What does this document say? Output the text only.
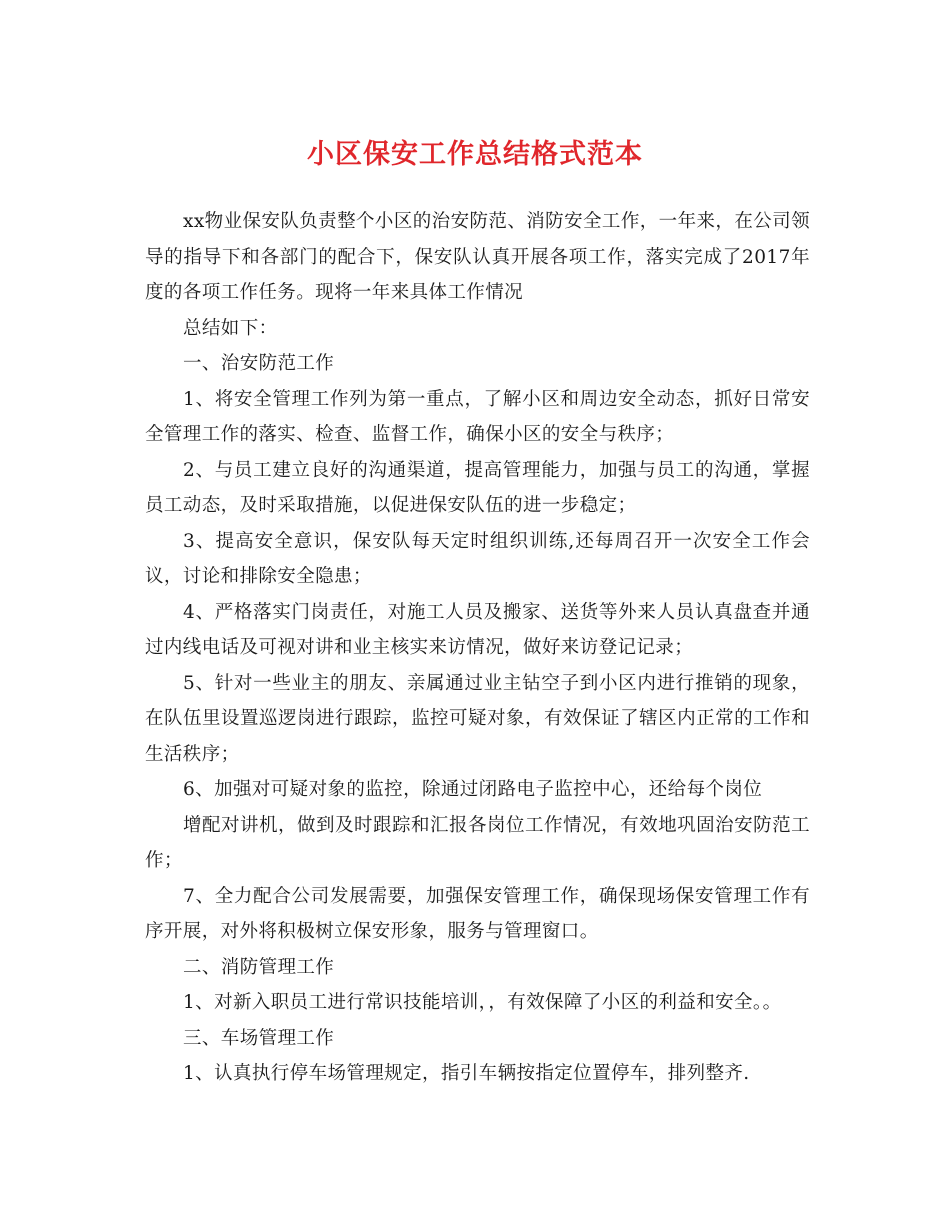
小区保安工作总结格式范本

xx物业保安队负责整个小区的治安防范、消防安全工作，一年来，在公司领导的指导下和各部门的配合下，保安队认真开展各项工作，落实完成了2017年度的各项工作任务。现将一年来具体工作情况

总结如下：

一、治安防范工作

1、将安全管理工作列为第一重点，了解小区和周边安全动态，抓好日常安全管理工作的落实、检查、监督工作，确保小区的安全与秩序；

2、与员工建立良好的沟通渠道，提高管理能力，加强与员工的沟通，掌握员工动态，及时采取措施，以促进保安队伍的进一步稳定；

3、提高安全意识，保安队每天定时组织训练,还每周召开一次安全工作会议，讨论和排除安全隐患；

4、严格落实门岗责任，对施工人员及搬家、送货等外来人员认真盘查并通过内线电话及可视对讲和业主核实来访情况，做好来访登记记录；

5、针对一些业主的朋友、亲属通过业主钻空子到小区内进行推销的现象，在队伍里设置巡逻岗进行跟踪，监控可疑对象，有效保证了辖区内正常的工作和生活秩序；

6、加强对可疑对象的监控，除通过闭路电子监控中心，还给每个岗位

增配对讲机，做到及时跟踪和汇报各岗位工作情况，有效地巩固治安防范工作；

7、全力配合公司发展需要，加强保安管理工作，确保现场保安管理工作有序开展，对外将积极树立保安形象，服务与管理窗口。

二、消防管理工作

1、对新入职员工进行常识技能培训，，有效保障了小区的利益和安全。。

三、车场管理工作

1、认真执行停车场管理规定，指引车辆按指定位置停车，排列整齐.
